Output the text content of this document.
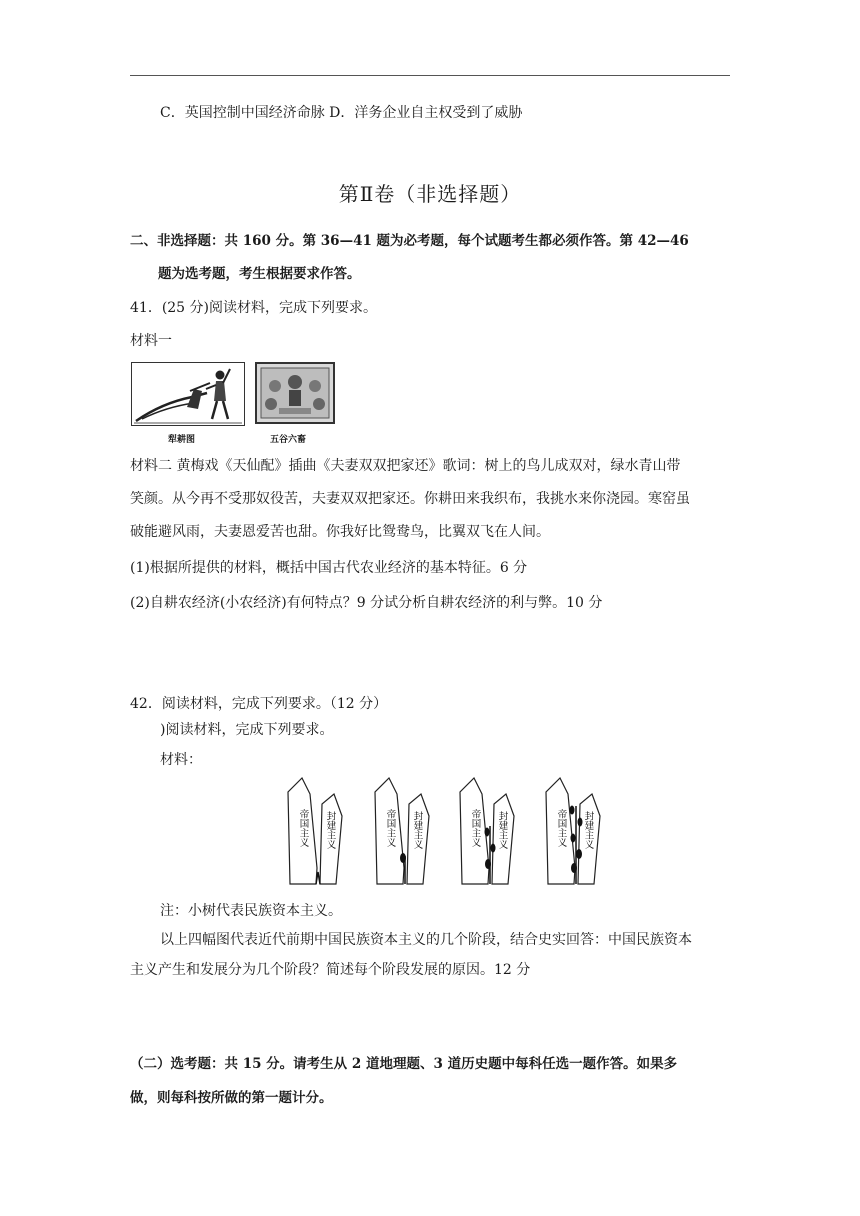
C．英国控制中国经济命脉 D．洋务企业自主权受到了威胁
第Ⅱ卷（非选择题）
二、非选择题：共 160 分。第 36—41 题为必考题，每个试题考生都必须作答。第 42—46
题为选考题，考生根据要求作答。
41．(25 分)阅读材料，完成下列要求。
材料一
犁耕图	五谷六畜
材料二 黄梅戏《天仙配》插曲《夫妻双双把家还》歌词：树上的鸟儿成双对，绿水青山带
笑颜。从今再不受那奴役苦，夫妻双双把家还。你耕田来我织布，我挑水来你浇园。寒窑虽
破能避风雨，夫妻恩爱苦也甜。你我好比鸳鸯鸟，比翼双飞在人间。
(1)根据所提供的材料，概括中国古代农业经济的基本特征。6 分
(2)自耕农经济(小农经济)有何特点？9 分试分析自耕农经济的利与弊。10 分
42．阅读材料，完成下列要求。（12 分）
)阅读材料，完成下列要求。
材料：
帝国主义 封建主义	帝国主义 封建主义	帝国主义 封建主义	帝国主义 封建主义
注：小树代表民族资本主义。
以上四幅图代表近代前期中国民族资本主义的几个阶段，结合史实回答：中国民族资本
主义产生和发展分为几个阶段？简述每个阶段发展的原因。12 分
（二）选考题：共 15 分。请考生从 2 道地理题、3 道历史题中每科任选一题作答。如果多
做，则每科按所做的第一题计分。
